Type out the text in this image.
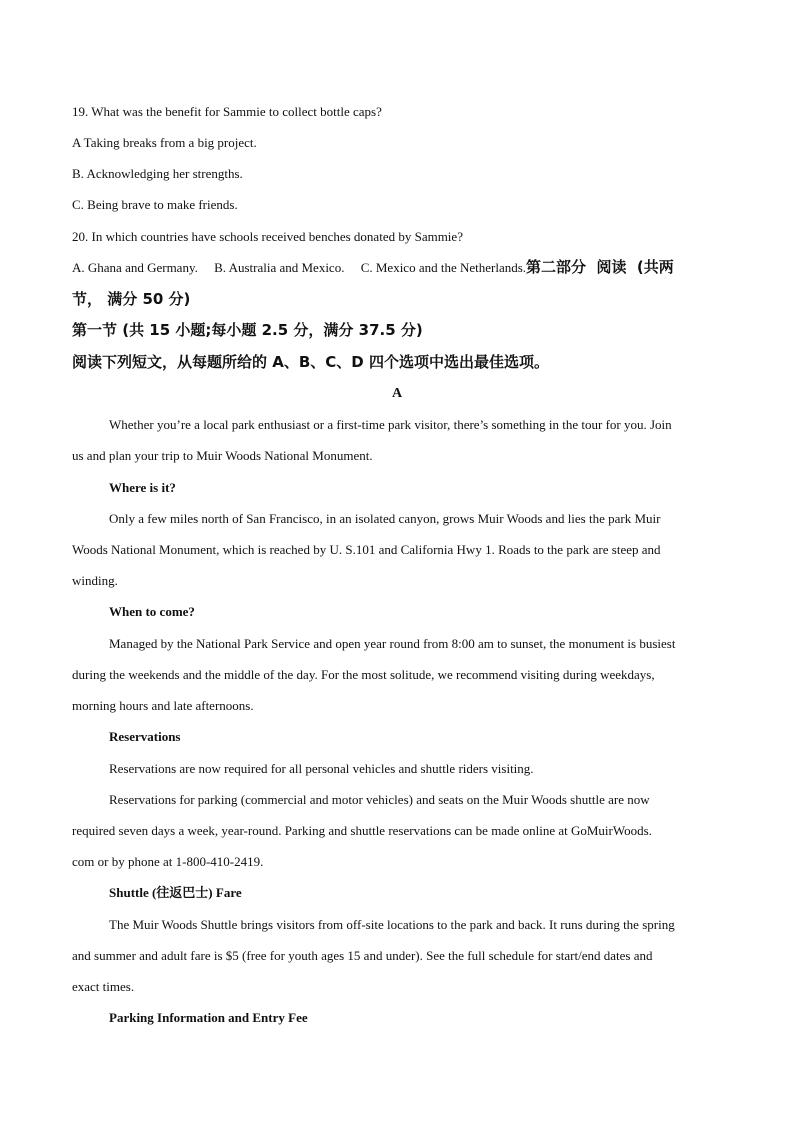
19. What was the benefit for Sammie to collect bottle caps?
A Taking breaks from a big project.
B. Acknowledging her strengths.
C. Being brave to make friends.
20. In which countries have schools received benches donated by Sammie?
A. Ghana and Germany.     B. Australia and Mexico.     C. Mexico and the Netherlands.第二部分  阅读  (共两
节， 满分 50 分)
第一节 (共 15 小题;每小题 2.5 分，满分 37.5 分)
阅读下列短文，从每题所给的 A、B、C、D 四个选项中选出最佳选项。
A
Whether you’re a local park enthusiast or a first-time park visitor, there’s something in the tour for you. Join
us and plan your trip to Muir Woods National Monument.
Where is it?
Only a few miles north of San Francisco, in an isolated canyon, grows Muir Woods and lies the park Muir
Woods National Monument, which is reached by U. S.101 and California Hwy 1. Roads to the park are steep and
winding.
When to come?
Managed by the National Park Service and open year round from 8:00 am to sunset, the monument is busiest
during the weekends and the middle of the day. For the most solitude, we recommend visiting during weekdays,
morning hours and late afternoons.
Reservations
Reservations are now required for all personal vehicles and shuttle riders visiting.
Reservations for parking (commercial and motor vehicles) and seats on the Muir Woods shuttle are now
required seven days a week, year-round. Parking and shuttle reservations can be made online at GoMuirWoods.
com or by phone at 1-800-410-2419.
Shuttle (往返巴士) Fare
The Muir Woods Shuttle brings visitors from off-site locations to the park and back. It runs during the spring
and summer and adult fare is $5 (free for youth ages 15 and under). See the full schedule for start/end dates and
exact times.
Parking Information and Entry Fee
